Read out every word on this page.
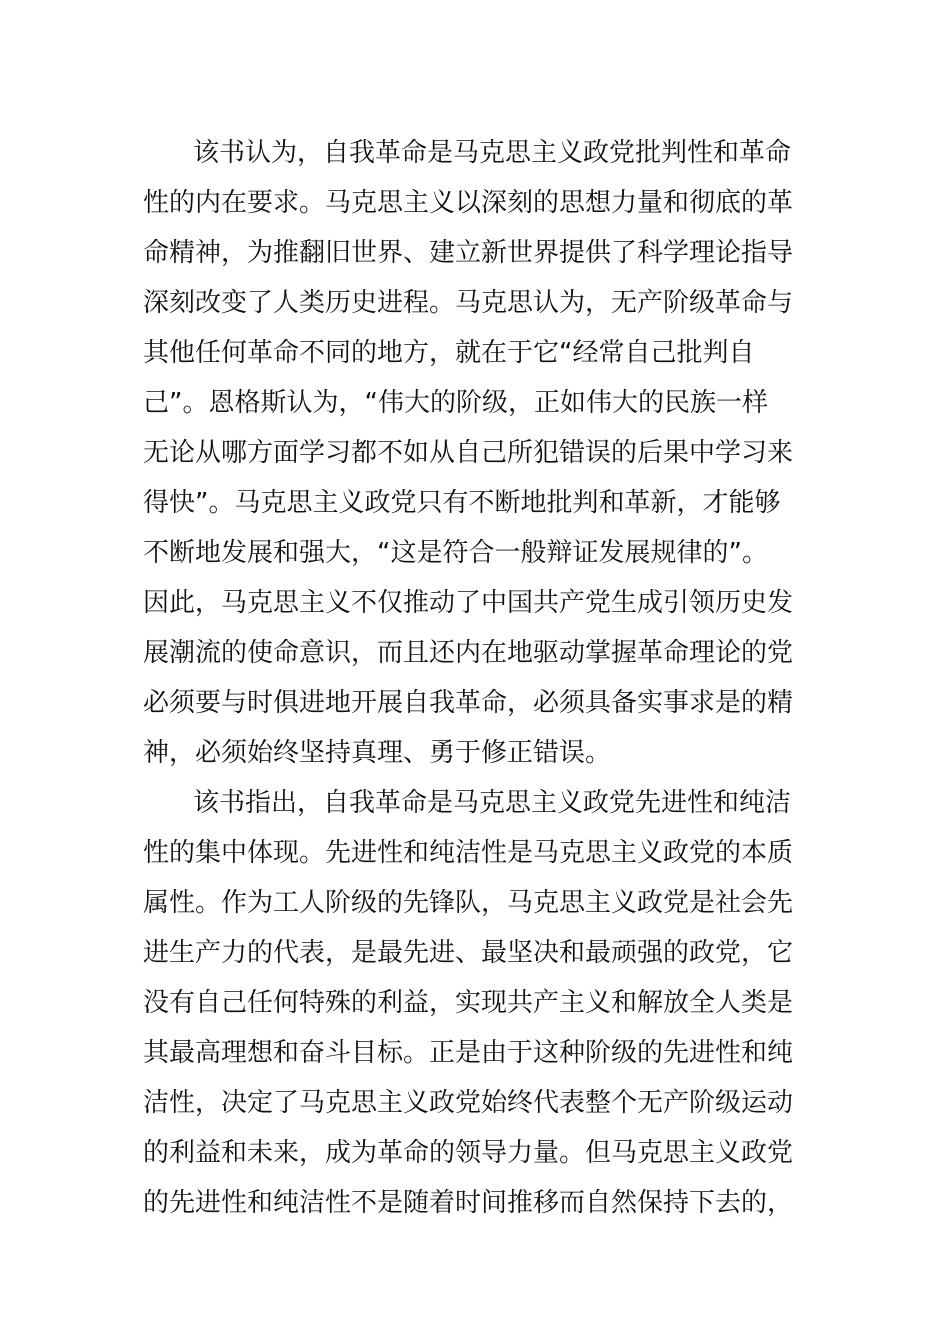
该书认为，自我革命是马克思主义政党批判性和革命
性的内在要求。马克思主义以深刻的思想力量和彻底的革
命精神，为推翻旧世界、建立新世界提供了科学理论指导
深刻改变了人类历史进程。马克思认为，无产阶级革命与
其他任何革命不同的地方，就在于它“经常自己批判自
己”。恩格斯认为，“伟大的阶级，正如伟大的民族一样
无论从哪方面学习都不如从自己所犯错误的后果中学习来
得快”。马克思主义政党只有不断地批判和革新，才能够
不断地发展和强大，“这是符合一般辩证发展规律的”。
因此，马克思主义不仅推动了中国共产党生成引领历史发
展潮流的使命意识，而且还内在地驱动掌握革命理论的党
必须要与时俱进地开展自我革命，必须具备实事求是的精
神，必须始终坚持真理、勇于修正错误。
该书指出，自我革命是马克思主义政党先进性和纯洁
性的集中体现。先进性和纯洁性是马克思主义政党的本质
属性。作为工人阶级的先锋队，马克思主义政党是社会先
进生产力的代表，是最先进、最坚决和最顽强的政党，它
没有自己任何特殊的利益，实现共产主义和解放全人类是
其最高理想和奋斗目标。正是由于这种阶级的先进性和纯
洁性，决定了马克思主义政党始终代表整个无产阶级运动
的利益和未来，成为革命的领导力量。但马克思主义政党
的先进性和纯洁性不是随着时间推移而自然保持下去的，
